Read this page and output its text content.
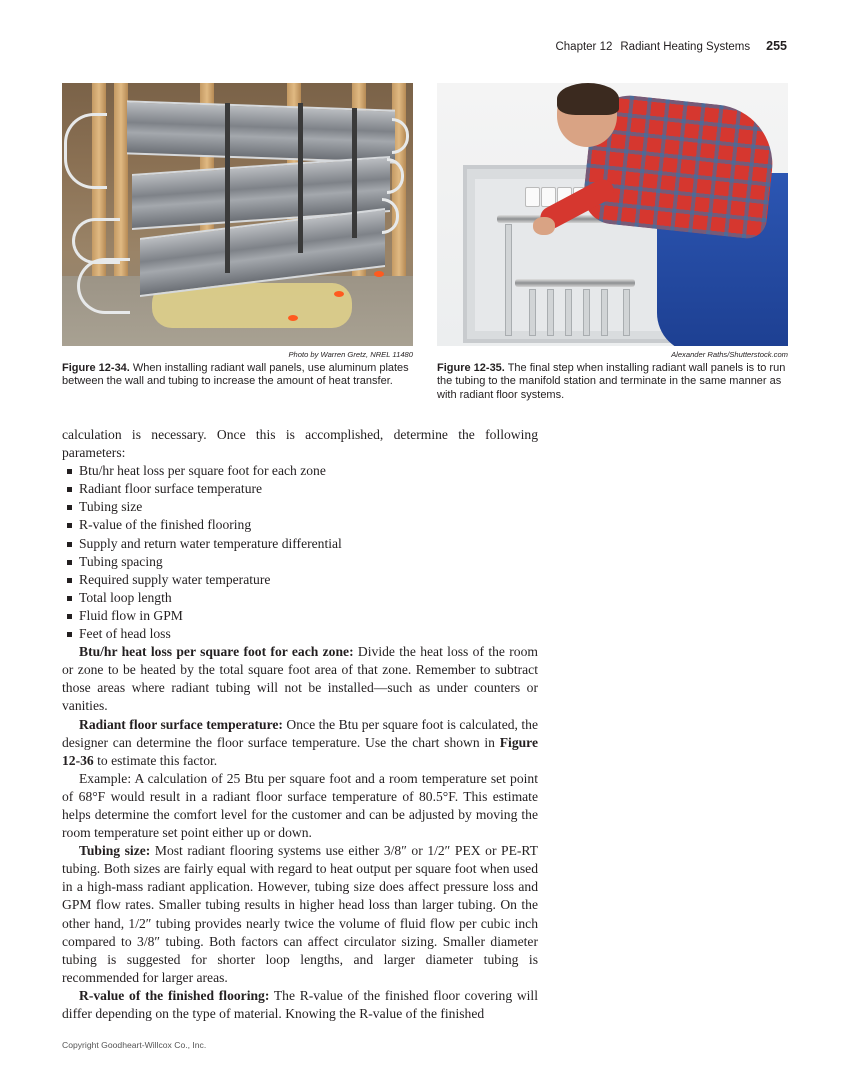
Chapter 12 Radiant Heating Systems 255
Photo by Warren Gretz, NREL 11480
Figure 12-34. When installing radiant wall panels, use aluminum plates between the wall and tubing to increase the amount of heat transfer.
Alexander Raths/Shutterstock.com
Figure 12-35. The final step when installing radiant wall panels is to run the tubing to the manifold station and terminate in the same manner as with radiant floor systems.

calculation is necessary. Once this is accomplished, determine the following parameters:

Btu/hr heat loss per square foot for each zone
Radiant floor surface temperature
Tubing size
R-value of the finished flooring
Supply and return water temperature differential
Tubing spacing
Required supply water temperature
Total loop length
Fluid flow in GPM
Feet of head loss

Btu/hr heat loss per square foot for each zone: Divide the heat loss of the room or zone to be heated by the total square foot area of that zone. Remember to subtract those areas where radiant tubing will not be installed—such as under counters or vanities.

Radiant floor surface temperature: Once the Btu per square foot is calculated, the designer can determine the floor surface temperature. Use the chart shown in Figure 12-36 to estimate this factor.

Example: A calculation of 25 Btu per square foot and a room temperature set point of 68°F would result in a radiant floor surface temperature of 80.5°F. This estimate helps determine the comfort level for the customer and can be adjusted by moving the room temperature set point either up or down.

Tubing size: Most radiant flooring systems use either 3/8″ or 1/2″ PEX or PE-RT tubing. Both sizes are fairly equal with regard to heat output per square foot when used in a high-mass radiant application. However, tubing size does affect pressure loss and GPM flow rates. Smaller tubing results in higher head loss than larger tubing. On the other hand, 1/2″ tubing provides nearly twice the volume of fluid flow per cubic inch compared to 3/8″ tubing. Both factors can affect circulator sizing. Smaller diameter tubing is suggested for shorter loop lengths, and larger diameter tubing is recommended for larger areas.

R-value of the finished flooring: The R-value of the finished floor covering will differ depending on the type of material. Knowing the R-value of the finished

Copyright Goodheart-Willcox Co., Inc.
